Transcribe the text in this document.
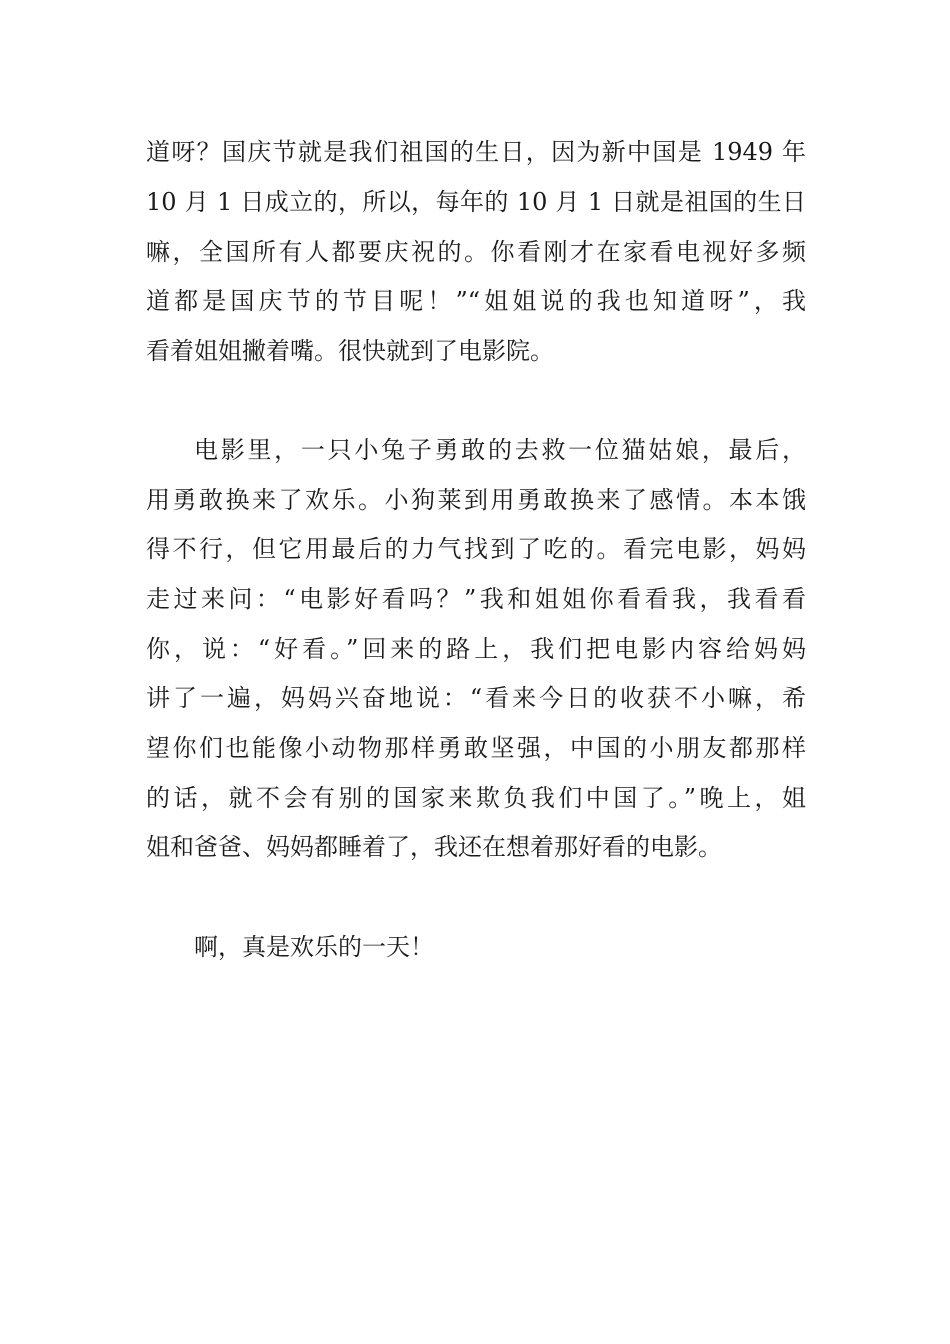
道呀？国庆节就是我们祖国的生日，因为新中国是 1949 年

10 月 1 日成立的，所以，每年的 10 月 1 日就是祖国的生日

嘛，全国所有人都要庆祝的。你看刚才在家看电视好多频

道都是国庆节的节目呢！”“姐姐说的我也知道呀”，我

看着姐姐撇着嘴。很快就到了电影院。

电影里，一只小兔子勇敢的去救一位猫姑娘，最后，

用勇敢换来了欢乐。小狗莱到用勇敢换来了感情。本本饿

得不行，但它用最后的力气找到了吃的。看完电影，妈妈

走过来问：“电影好看吗？”我和姐姐你看看我，我看看

你，说：“好看。”回来的路上，我们把电影内容给妈妈

讲了一遍，妈妈兴奋地说：“看来今日的收获不小嘛，希

望你们也能像小动物那样勇敢坚强，中国的小朋友都那样

的话，就不会有别的国家来欺负我们中国了。”晚上，姐

姐和爸爸、妈妈都睡着了，我还在想着那好看的电影。

啊，真是欢乐的一天！
